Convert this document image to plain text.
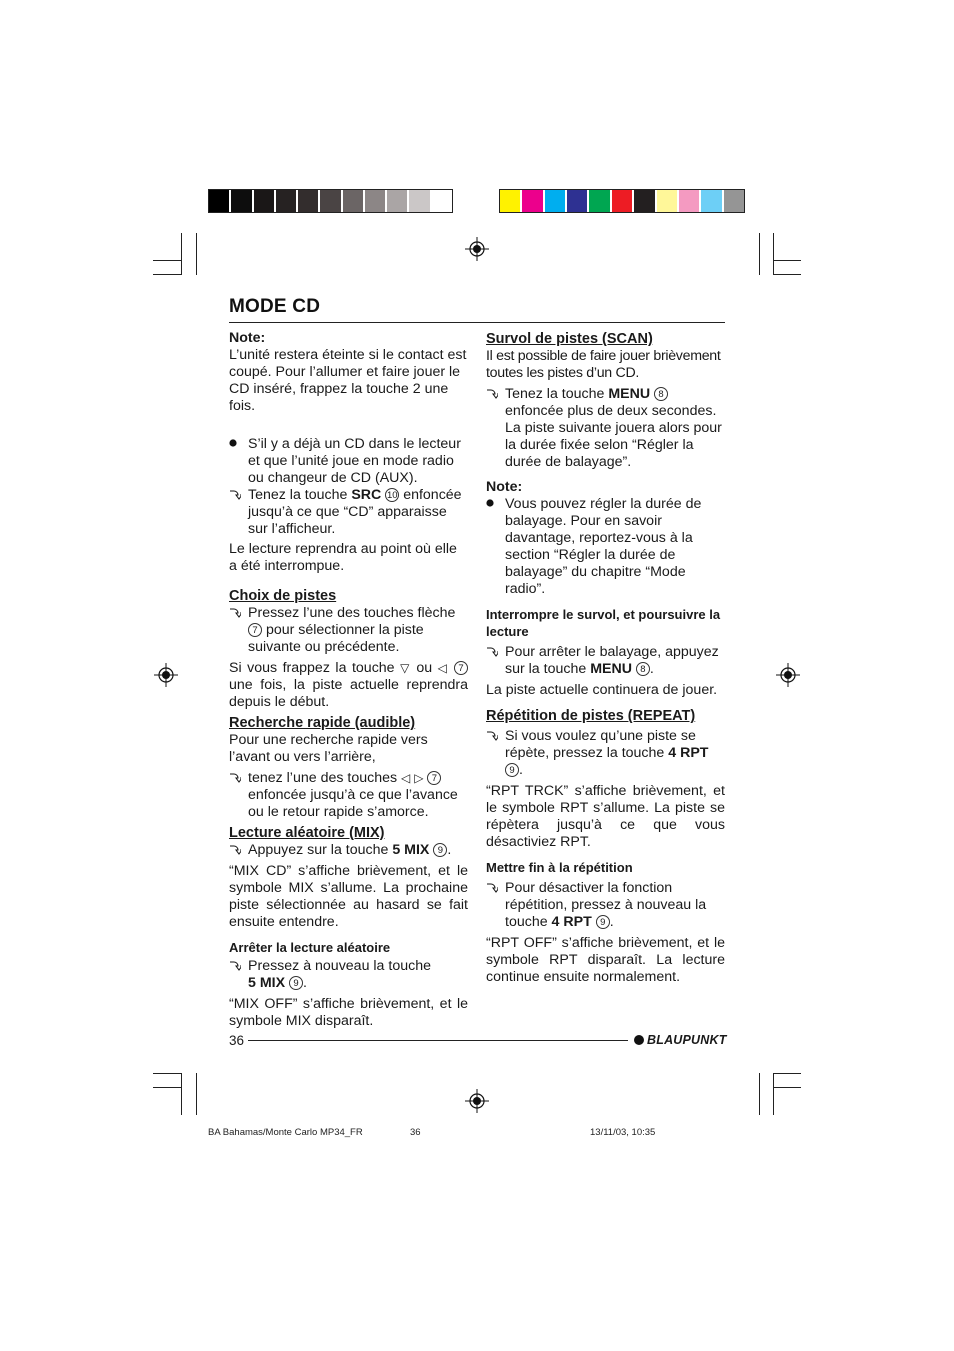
MODE CD

Note:

L’unité restera éteinte si le contact est coupé. Pour l’allumer et faire jouer le CD inséré, frappez la touche 2 une fois.

S’il y a déjà un CD dans le lecteur et que l’unité joue en mode radio ou changeur de CD (AUX).
Tenez la touche SRC 10 enfoncée jusqu’à ce que “CD” apparaisse sur l’afficheur.

Le lecture reprendra au point où elle a été interrompue.

Choix de pistes

Pressez l’une des touches flèche
7 pour sélectionner la piste suivante ou précédente.

Si vous frappez la touche ▽ ou ◁ 7 une fois, la piste actuelle reprendra depuis le début.

Recherche rapide (audible)

Pour une recherche rapide vers l’avant ou vers l’arrière,

tenez l’une des touches ◁ ▷ 7 enfoncée jusqu’à ce que l’avance ou le retour rapide s’amorce.

Lecture aléatoire (MIX)

Appuyez sur la touche 5 MIX 9 .

“MIX CD” s’affiche brièvement, et le symbole MIX s’allume. La prochaine piste sélectionnée au hasard se fait ensuite entendre.

Arrêter la lecture aléatoire

Pressez à nouveau la touche
5 MIX 9 .

“MIX OFF” s’affiche brièvement, et le symbole MIX disparaît.

Survol de pistes (SCAN)

Il est possible de faire jouer brièvement toutes les pistes d’un CD.

Tenez la touche MENU 8 enfoncée plus de deux secondes. La piste suivante jouera alors pour la durée fixée selon “Régler la durée de balayage”.

Note:

Vous pouvez régler la durée de balayage. Pour en savoir davantage, reportez-vous à la section “Régler la durée de balayage” du chapitre “Mode radio”.

Interrompre le survol, et poursuivre la lecture

Pour arrêter le balayage, appuyez sur la touche MENU 8 .

La piste actuelle continuera de jouer.

Répétition de pistes (REPEAT)

Si vous voulez qu’une piste se répète, pressez la touche 4 RPT
9 .

“RPT TRCK” s’affiche brièvement, et le symbole RPT s’allume. La piste se répètera jusqu’à ce que vous désactiviez RPT.

Mettre fin à la répétition

Pour désactiver la fonction répétition, pressez à nouveau la touche 4 RPT 9 .

“RPT OFF” s’affiche brièvement, et le symbole RPT disparaît. La lecture continue ensuite normalement.

36	BLAUPUNKT
BA Bahamas/Monte Carlo MP34_FR	36	13/11/03, 10:35
